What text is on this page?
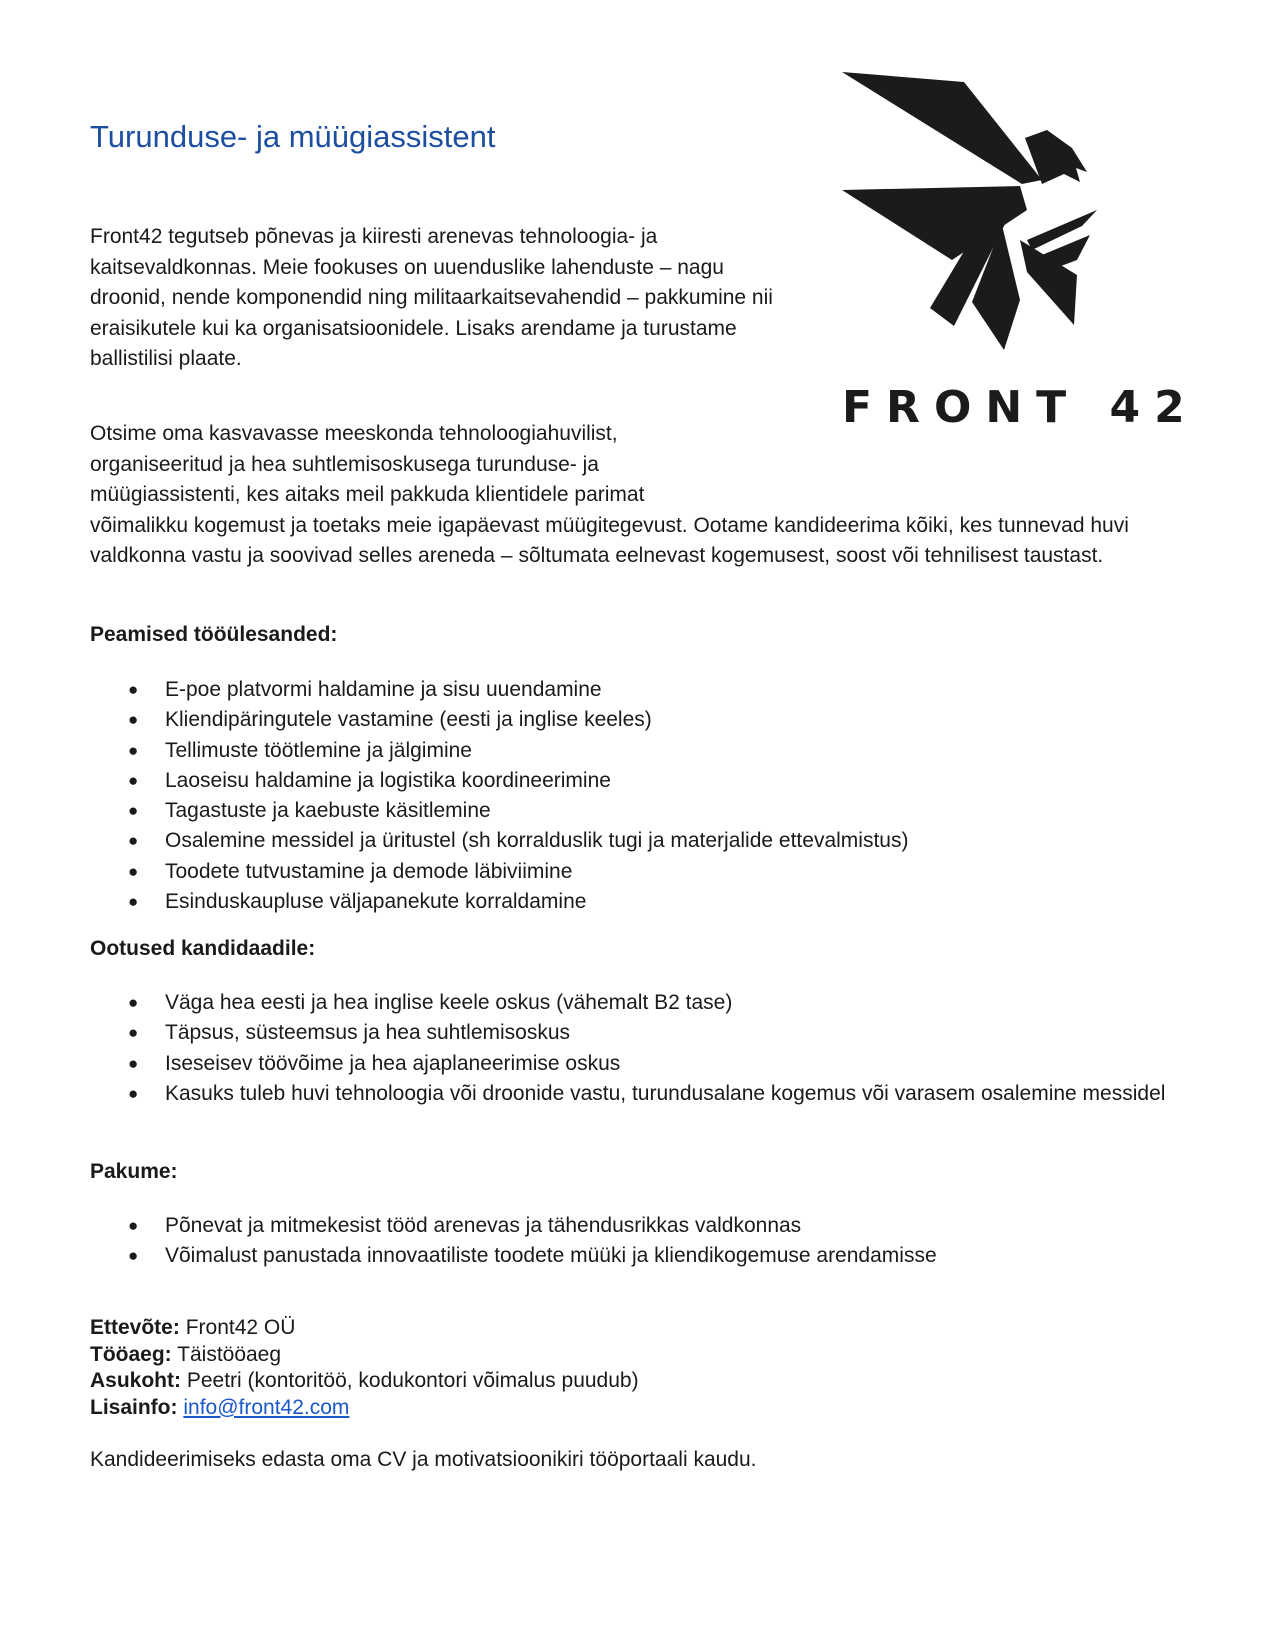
Turunduse- ja müügiassistent
FRONT 42

Front42 tegutseb põnevas ja kiiresti arenevas tehnoloogia- ja kaitsevaldkonnas. Meie fookuses on uuenduslike lahenduste – nagu droonid, nende komponendid ning militaarkaitsevahendid – pakkumine nii eraisikutele kui ka organisatsioonidele. Lisaks arendame ja turustame ballistilisi plaate.

Otsime oma kasvavasse meeskonda tehnoloogiahuvilist,
organiseeritud ja hea suhtlemisoskusega turunduse- ja
müügiassistenti, kes aitaks meil pakkuda klientidele parimat
võimalikku kogemust ja toetaks meie igapäevast müügitegevust. Ootame kandideerima kõiki, kes tunnevad huvi valdkonna vastu ja soovivad selles areneda – sõltumata eelnevast kogemusest, soost või tehnilisest taustast.

Peamised tööülesanded:
● E-poe platvormi haldamine ja sisu uuendamine
● Kliendipäringutele vastamine (eesti ja inglise keeles)
● Tellimuste töötlemine ja jälgimine
● Laoseisu haldamine ja logistika koordineerimine
● Tagastuste ja kaebuste käsitlemine
● Osalemine messidel ja üritustel (sh korralduslik tugi ja materjalide ettevalmistus)
● Toodete tutvustamine ja demode läbiviimine
● Esinduskaupluse väljapanekute korraldamine
Ootused kandidaadile:
● Väga hea eesti ja hea inglise keele oskus (vähemalt B2 tase)
● Täpsus, süsteemsus ja hea suhtlemisoskus
● Iseseisev töövõime ja hea ajaplaneerimise oskus
● Kasuks tuleb huvi tehnoloogia või droonide vastu, turundusalane kogemus või varasem osalemine messidel
Pakume:
● Põnevat ja mitmekesist tööd arenevas ja tähendusrikkas valdkonnas
● Võimalust panustada innovaatiliste toodete müüki ja kliendikogemuse arendamisse
Ettevõte: Front42 OÜ
Tööaeg: Täistööaeg
Asukoht: Peetri (kontoritöö, kodukontori võimalus puudub)
Lisainfo: info@front42.com

Kandideerimiseks edasta oma CV ja motivatsioonikiri tööportaali kaudu.
